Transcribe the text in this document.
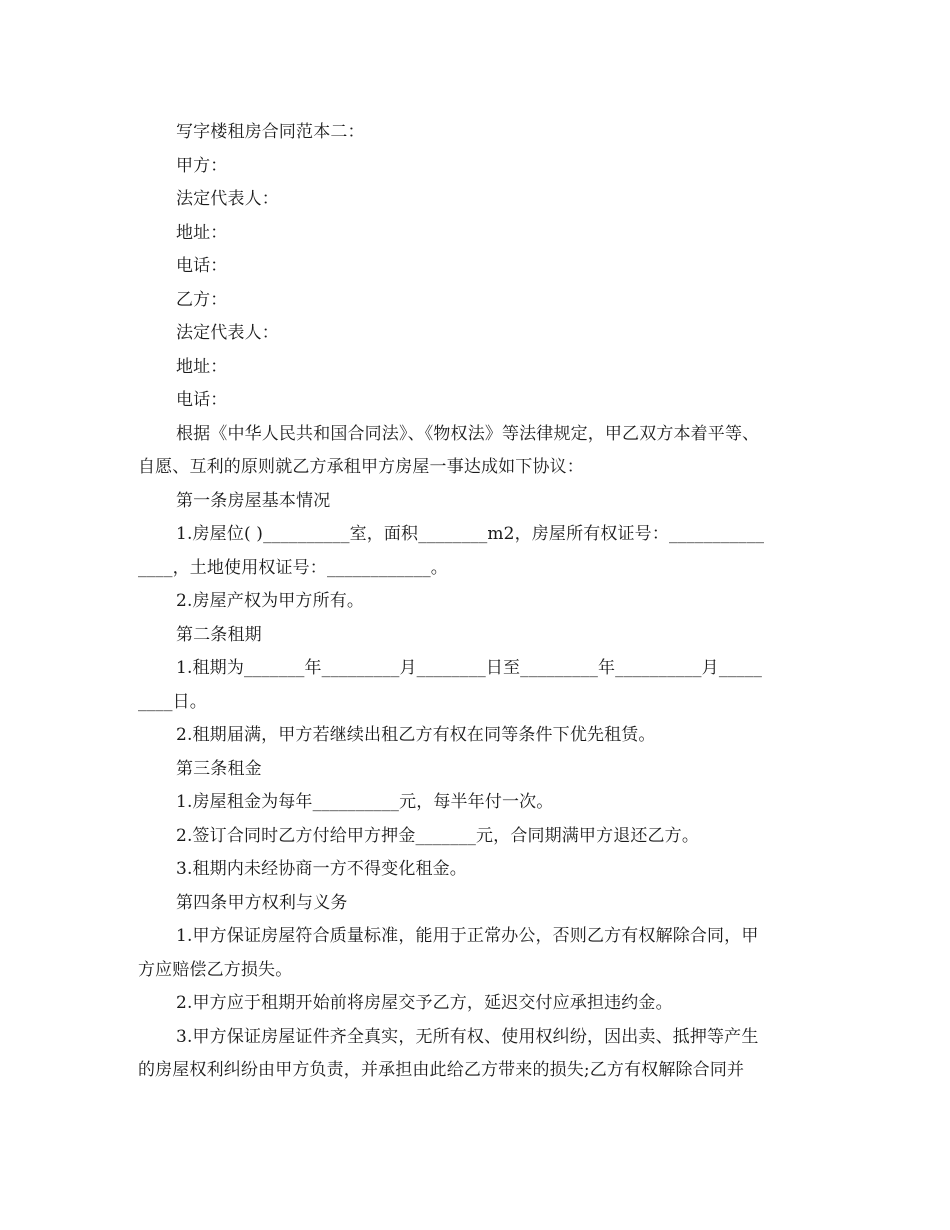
写字楼租房合同范本二：
甲方：
法定代表人：
地址：
电话：
乙方：
法定代表人：
地址：
电话：
根据《中华人民共和国合同法》、《物权法》等法律规定，甲乙双方本着平等、
自愿、互利的原则就乙方承租甲方房屋一事达成如下协议：
第一条房屋基本情况
1.房屋位( )__________室，面积________m2，房屋所有权证号：___________
____，土地使用权证号：____________。
2.房屋产权为甲方所有。
第二条租期
1.租期为_______年_________月________日至_________年__________月_____
____日。
2.租期届满，甲方若继续出租乙方有权在同等条件下优先租赁。
第三条租金
1.房屋租金为每年__________元，每半年付一次。
2.签订合同时乙方付给甲方押金_______元，合同期满甲方退还乙方。
3.租期内未经协商一方不得变化租金。
第四条甲方权利与义务
1.甲方保证房屋符合质量标准，能用于正常办公，否则乙方有权解除合同，甲
方应赔偿乙方损失。
2.甲方应于租期开始前将房屋交予乙方，延迟交付应承担违约金。
3.甲方保证房屋证件齐全真实，无所有权、使用权纠纷，因出卖、抵押等产生
的房屋权利纠纷由甲方负责，并承担由此给乙方带来的损失;乙方有权解除合同并
